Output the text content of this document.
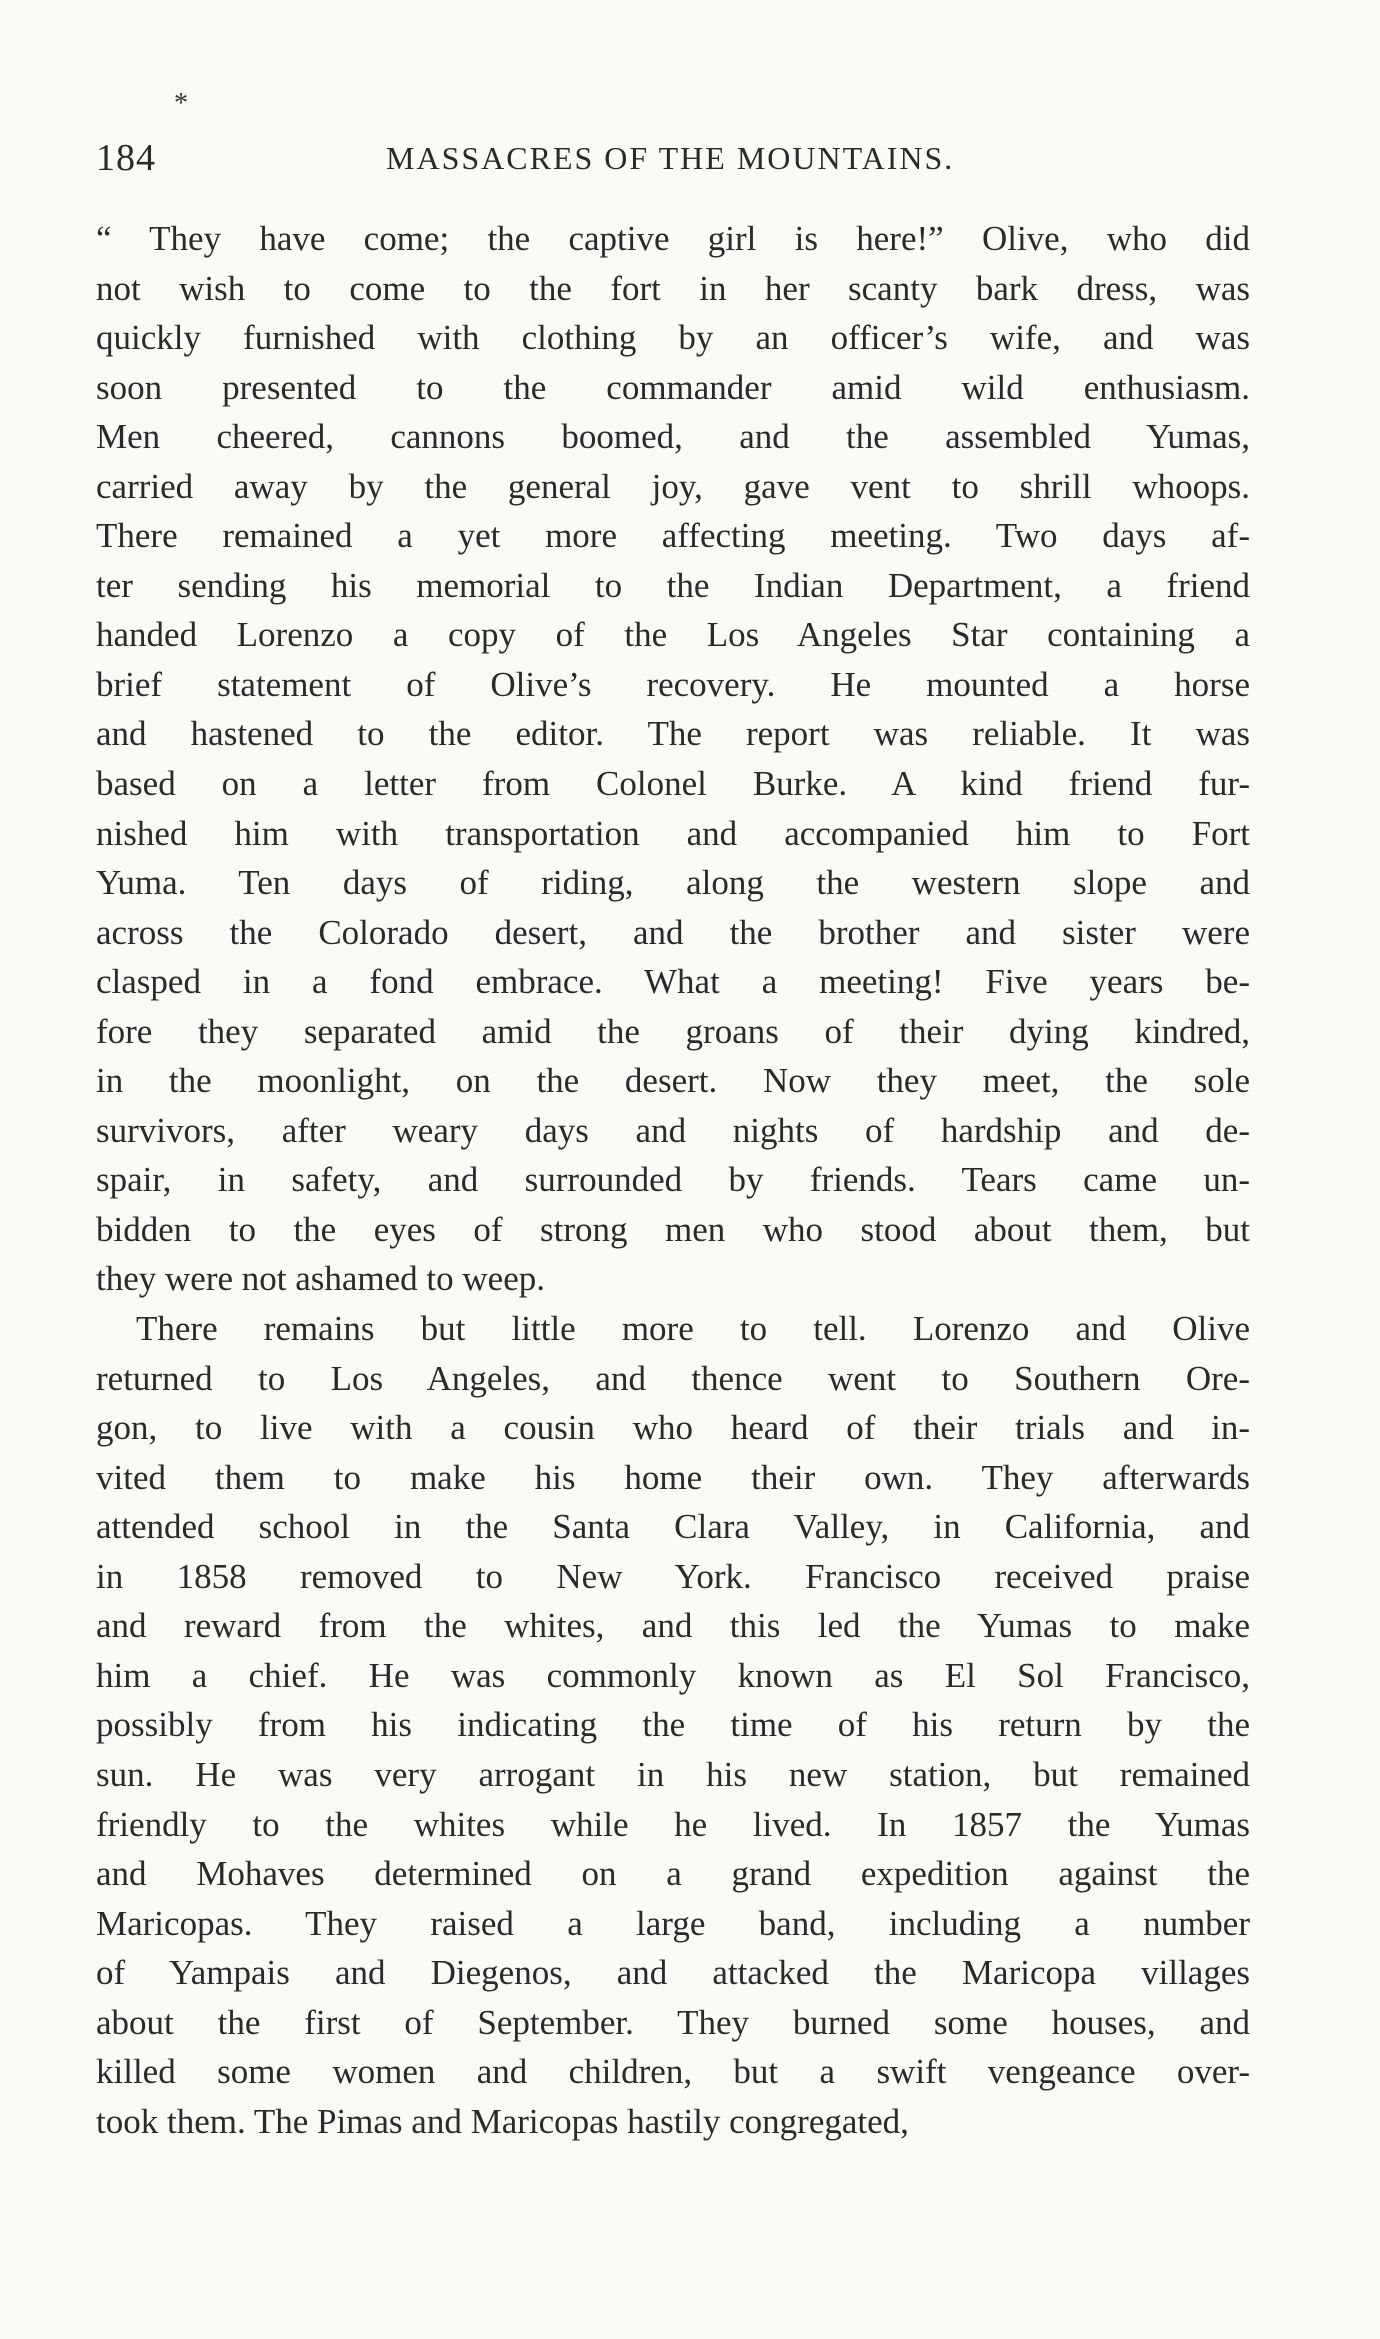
*
184	MASSACRES OF THE MOUNTAINS.
“ They have come; the captive girl is here!” Olive, who did
not wish to come to the fort in her scanty bark dress, was
quickly furnished with clothing by an officer’s wife, and was
soon presented to the commander amid wild enthusiasm.
Men cheered, cannons boomed, and the assembled Yumas,
carried away by the general joy, gave vent to shrill whoops.
There remained a yet more affecting meeting. Two days af-
ter sending his memorial to the Indian Department, a friend
handed Lorenzo a copy of the Los Angeles Star containing a
brief statement of Olive’s recovery. He mounted a horse
and hastened to the editor. The report was reliable. It was
based on a letter from Colonel Burke. A kind friend fur-
nished him with transportation and accompanied him to Fort
Yuma. Ten days of riding, along the western slope and
across the Colorado desert, and the brother and sister were
clasped in a fond embrace. What a meeting! Five years be-
fore they separated amid the groans of their dying kindred,
in the moonlight, on the desert. Now they meet, the sole
survivors, after weary days and nights of hardship and de-
spair, in safety, and surrounded by friends. Tears came un-
bidden to the eyes of strong men who stood about them, but
they were not ashamed to weep.
There remains but little more to tell. Lorenzo and Olive
returned to Los Angeles, and thence went to Southern Ore-
gon, to live with a cousin who heard of their trials and in-
vited them to make his home their own. They afterwards
attended school in the Santa Clara Valley, in California, and
in 1858 removed to New York. Francisco received praise
and reward from the whites, and this led the Yumas to make
him a chief. He was commonly known as El Sol Francisco,
possibly from his indicating the time of his return by the
sun. He was very arrogant in his new station, but remained
friendly to the whites while he lived. In 1857 the Yumas
and Mohaves determined on a grand expedition against the
Maricopas. They raised a large band, including a number
of Yampais and Diegenos, and attacked the Maricopa villages
about the first of September. They burned some houses, and
killed some women and children, but a swift vengeance over-
took them. The Pimas and Maricopas hastily congregated,
